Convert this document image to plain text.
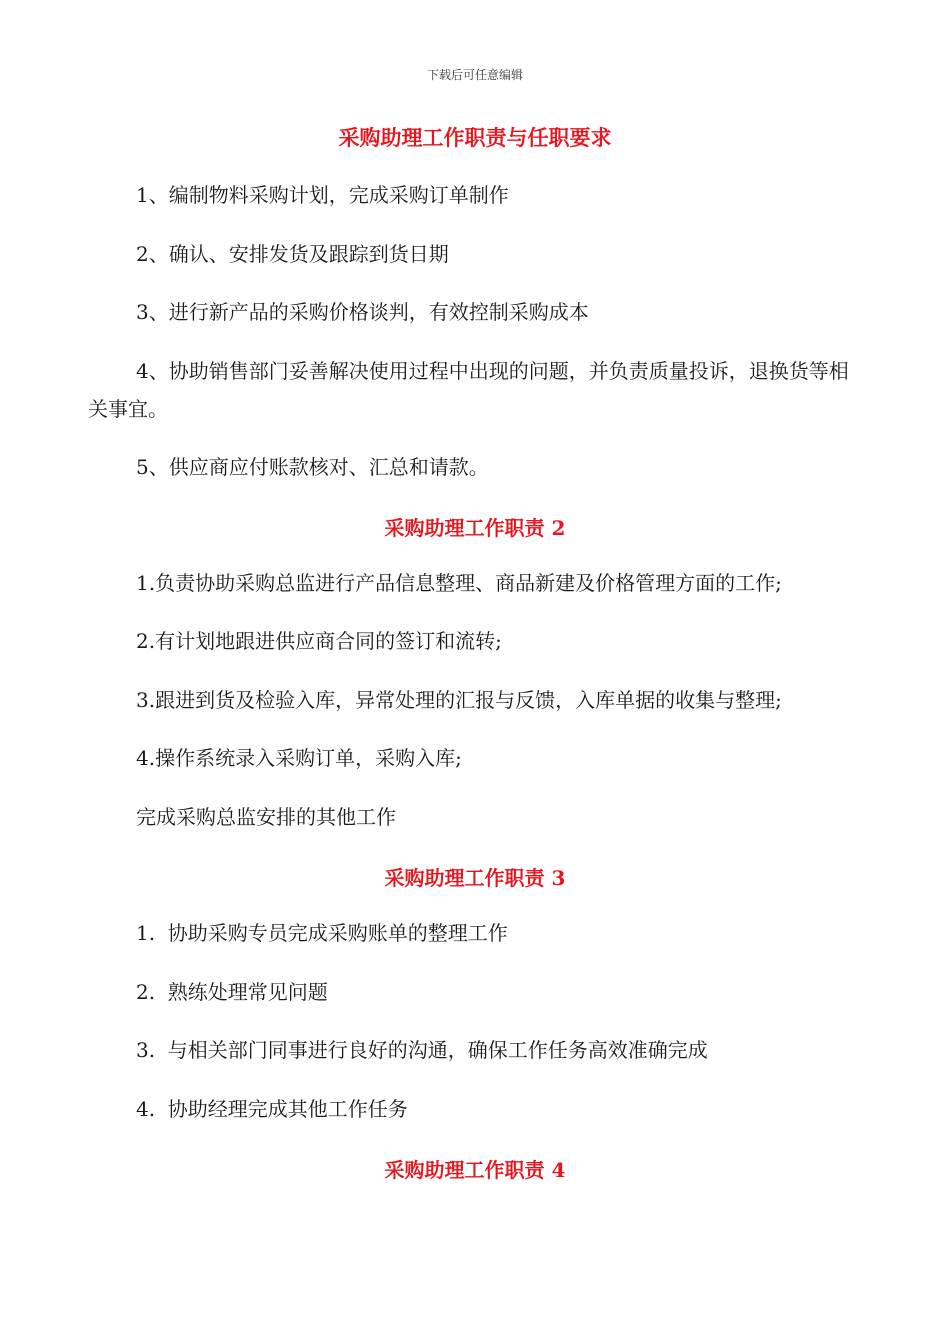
下载后可任意编辑
采购助理工作职责与任职要求
1、编制物料采购计划，完成采购订单制作
2、确认、安排发货及跟踪到货日期
3、进行新产品的采购价格谈判，有效控制采购成本
4、协助销售部门妥善解决使用过程中出现的问题，并负责质量投诉，退换货等相关事宜。
5、供应商应付账款核对、汇总和请款。
采购助理工作职责 2
1.负责协助采购总监进行产品信息整理、商品新建及价格管理方面的工作;
2.有计划地跟进供应商合同的签订和流转;
3.跟进到货及检验入库，异常处理的汇报与反馈，入库单据的收集与整理;
4.操作系统录入采购订单，采购入库;
完成采购总监安排的其他工作
采购助理工作职责 3
1.  协助采购专员完成采购账单的整理工作
2.  熟练处理常见问题
3.  与相关部门同事进行良好的沟通，确保工作任务高效准确完成
4.  协助经理完成其他工作任务
采购助理工作职责 4
